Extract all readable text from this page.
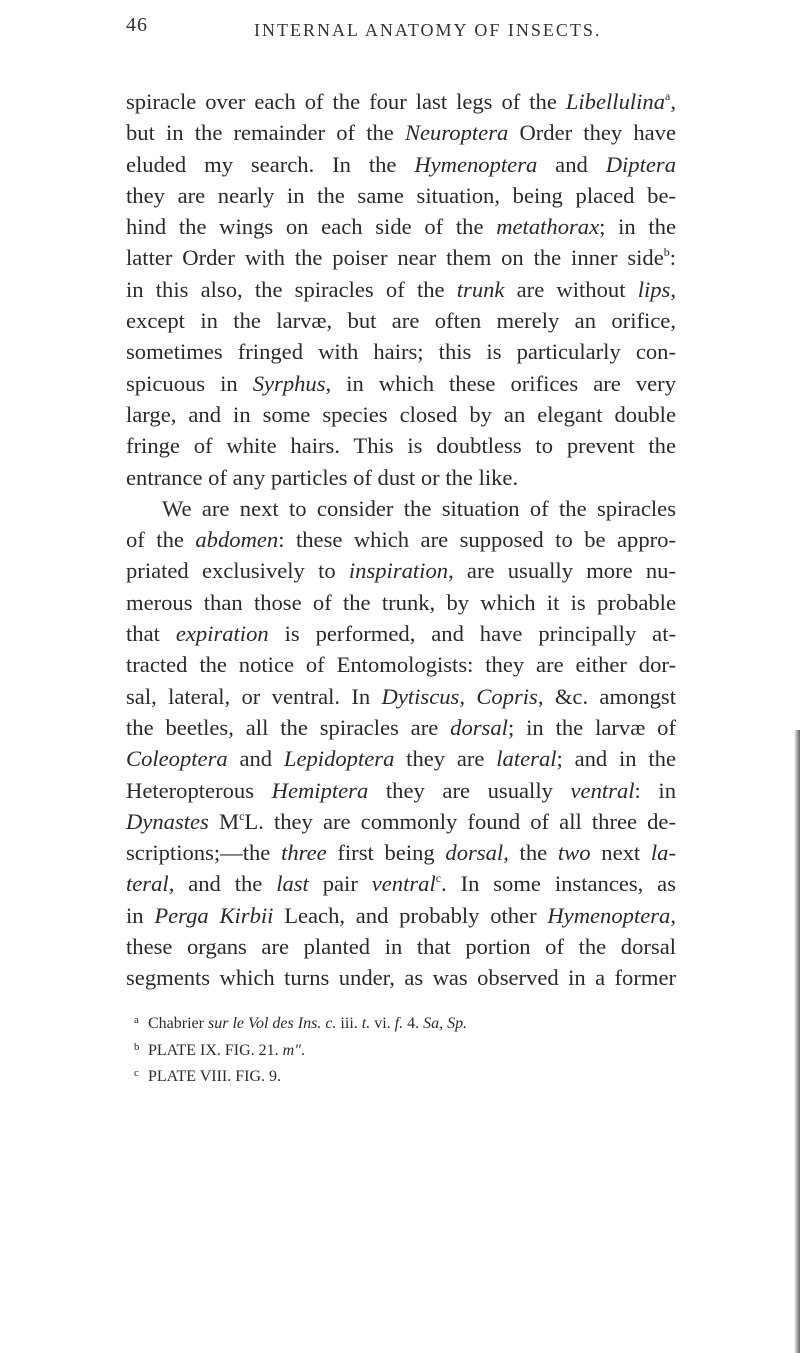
46	INTERNAL ANATOMY OF INSECTS.
spiracle over each of the four last legs of the Libellulina$^a$,
but in the remainder of the Neuroptera Order they have
eluded my search. In the Hymenoptera and Diptera
they are nearly in the same situation, being placed be-
hind the wings on each side of the metathorax; in the
latter Order with the poiser near them on the inner side$^b$:
in this also, the spiracles of the trunk are without lips,
except in the larvæ, but are often merely an orifice,
sometimes fringed with hairs; this is particularly con-
spicuous in Syrphus, in which these orifices are very
large, and in some species closed by an elegant double
fringe of white hairs. This is doubtless to prevent the
entrance of any particles of dust or the like.
We are next to consider the situation of the spiracles
of the abdomen: these which are supposed to be appro-
priated exclusively to inspiration, are usually more nu-
merous than those of the trunk, by which it is probable
that expiration is performed, and have principally at-
tracted the notice of Entomologists: they are either dor-
sal, lateral, or ventral. In Dytiscus, Copris, &c. amongst
the beetles, all the spiracles are dorsal; in the larvæ of
Coleoptera and Lepidoptera they are lateral; and in the
Heteropterous Hemiptera they are usually ventral: in
Dynastes $M^cL$. they are commonly found of all three de-
scriptions;—the three first being dorsal, the two next la-
teral, and the last pair ventral$^c$. In some instances, as
in Perga Kirbii Leach, and probably other Hymenoptera,
these organs are planted in that portion of the dorsal
segments which turns under, as was observed in a former
a Chabrier sur le Vol des Ins. c. iii. t. vi. f. 4. Sa, Sp.
b PLATE IX. FIG. 21. m".
c PLATE VIII. FIG. 9.
